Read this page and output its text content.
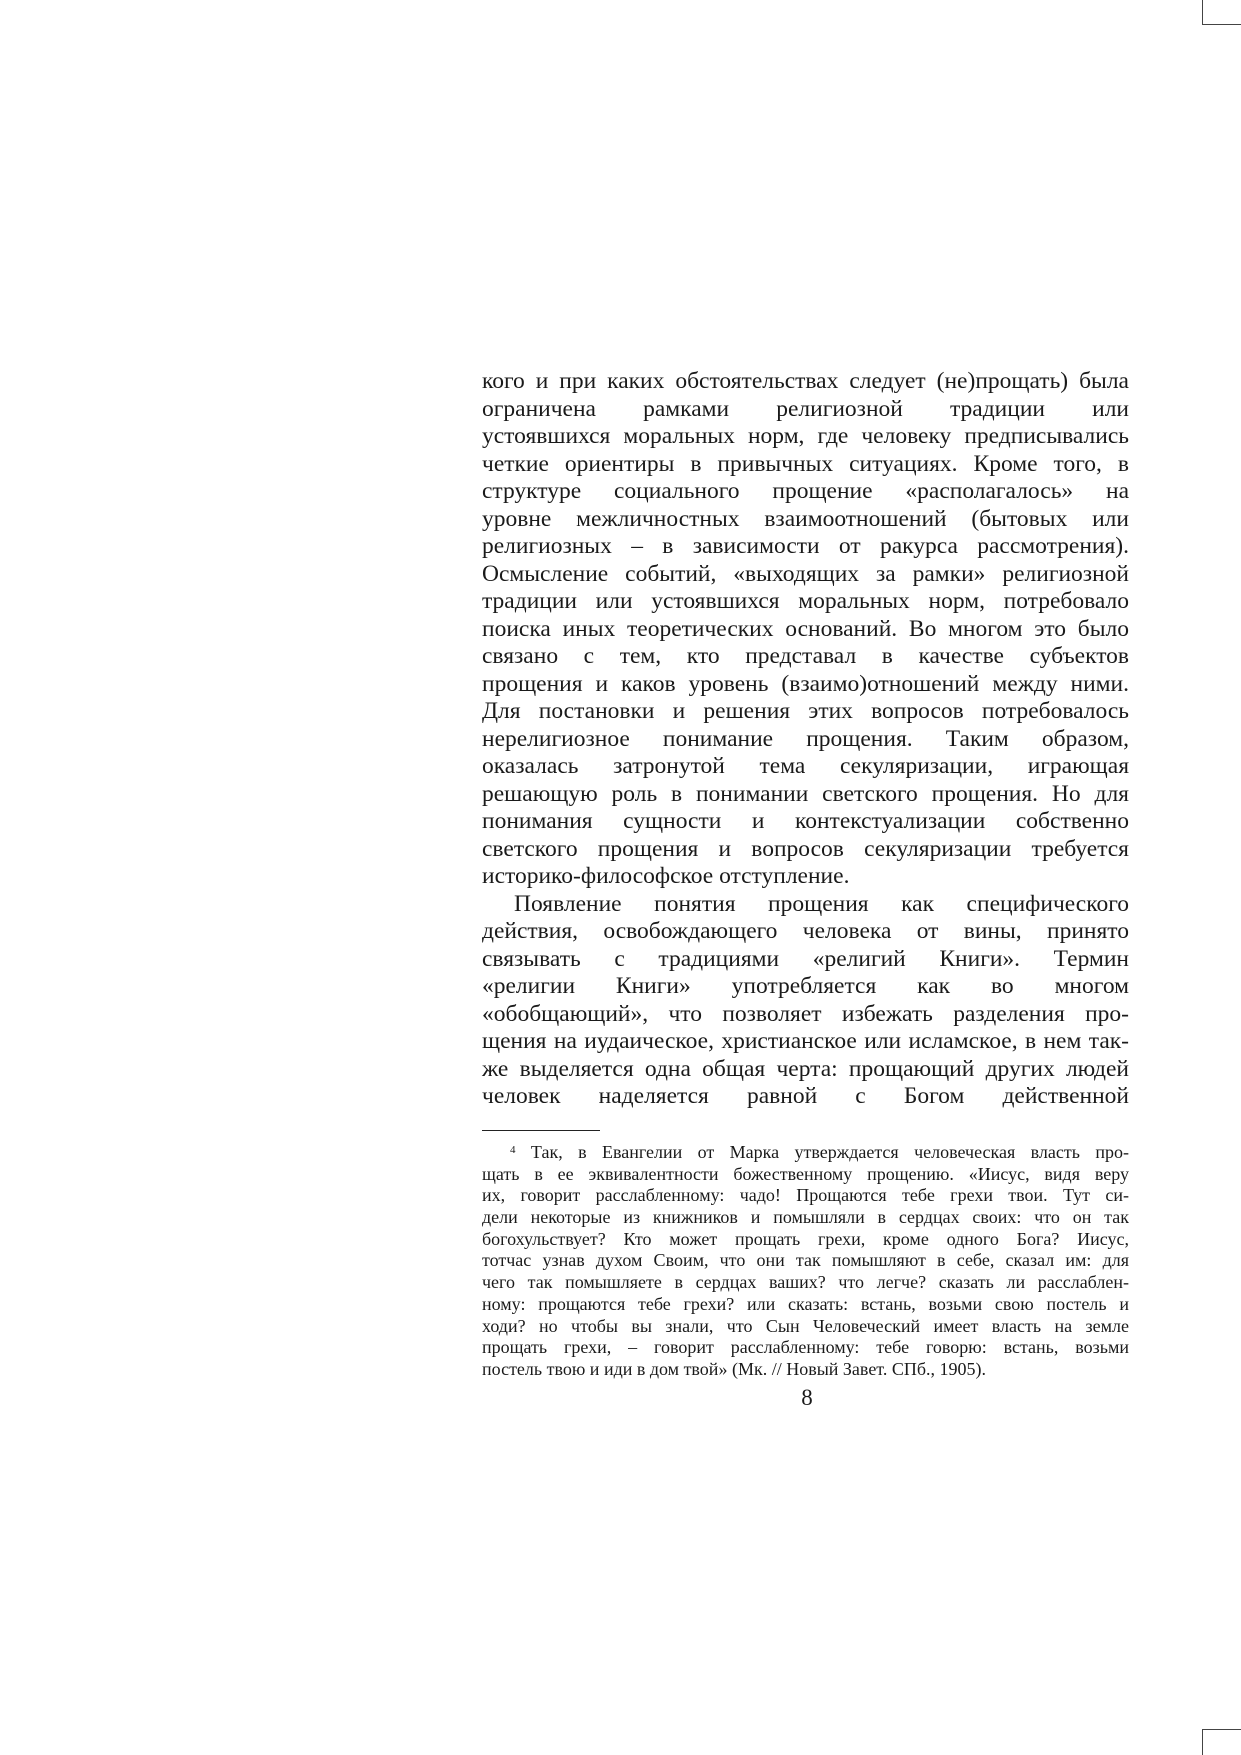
кого и при каких обстоятельствах следует (не)прощать) была
ограничена рамками религиозной традиции или
устоявшихся моральных норм, где человеку предписывались
четкие ориентиры в привычных ситуациях. Кроме того, в
структуре социального прощение «располагалось» на
уровне межличностных взаимоотношений (бытовых или
религиозных – в зависимости от ракурса рассмотрения).
Осмысление событий, «выходящих за рамки» религиозной
традиции или устоявшихся моральных норм, потребовало
поиска иных теоретических оснований. Во многом это было
связано с тем, кто представал в качестве субъектов
прощения и каков уровень (взаимо)отношений между ними.
Для постановки и решения этих вопросов потребовалось
нерелигиозное понимание прощения. Таким образом,
оказалась затронутой тема секуляризации, играющая
решающую роль в понимании светского прощения. Но для
понимания сущности и контекстуализации собственно
светского прощения и вопросов секуляризации требуется
историко-философское отступление.
Появление понятия прощения как специфического
действия, освобождающего человека от вины, принято
связывать с традициями «религий Книги». Термин
«религии Книги» употребляется как во многом
«обобщающий», что позволяет избежать разделения про-
щения на иудаическое, христианское или исламское, в нем так-
же выделяется одна общая черта: прощающий других людей
человек наделяется равной с Богом действенной
$^4$ Так, в Евангелии от Марка утверждается человеческая власть про-
щать в ее эквивалентности божественному прощению. «Иисус, видя веру
их, говорит расслабленному: чадо! Прощаются тебе грехи твои. Тут си-
дели некоторые из книжников и помышляли в сердцах своих: что он так
богохульствует? Кто может прощать грехи, кроме одного Бога? Иисус,
тотчас узнав духом Своим, что они так помышляют в себе, сказал им: для
чего так помышляете в сердцах ваших? что легче? сказать ли расслаблен-
ному: прощаются тебе грехи? или сказать: встань, возьми свою постель и
ходи? но чтобы вы знали, что Сын Человеческий имеет власть на земле
прощать грехи, – говорит расслабленному: тебе говорю: встань, возьми
постель твою и иди в дом твой» (Мк. // Новый Завет. СПб., 1905).
8
